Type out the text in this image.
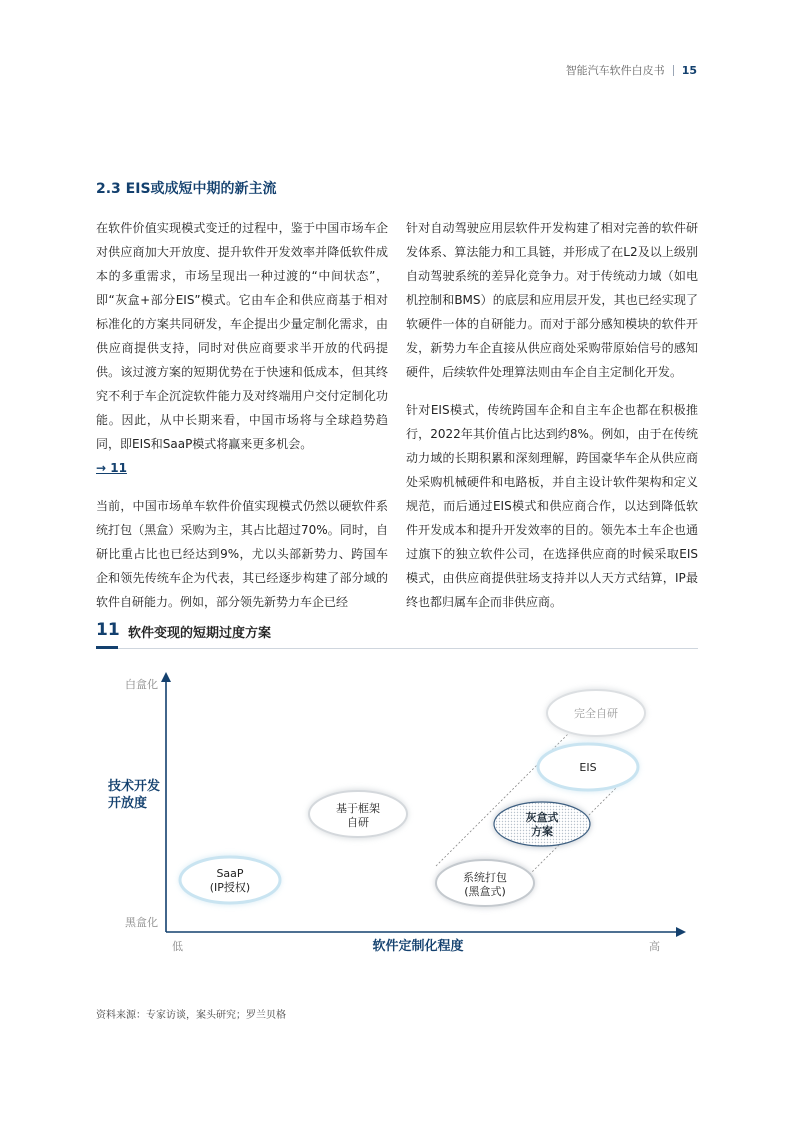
智能汽车软件白皮书 15
2.3 EIS或成短中期的新主流

在软件价值实现模式变迁的过程中，鉴于中国市场车企对供应商加大开放度、提升软件开发效率并降低软件成本的多重需求，市场呈现出一种过渡的“中间状态”，即“灰盒+部分EIS”模式。它由车企和供应商基于相对标准化的方案共同研发，车企提出少量定制化需求，由供应商提供支持，同时对供应商要求半开放的代码提供。该过渡方案的短期优势在于快速和低成本，但其终究不利于车企沉淀软件能力及对终端用户交付定制化功能。因此，从中长期来看，中国市场将与全球趋势趋同，即EIS和SaaP模式将赢来更多机会。

→ 11

当前，中国市场单车软件价值实现模式仍然以硬软件系统打包（黑盒）采购为主，其占比超过70%。同时，自研比重占比也已经达到9%，尤以头部新势力、跨国车企和领先传统车企为代表，其已经逐步构建了部分域的软件自研能力。例如，部分领先新势力车企已经

针对自动驾驶应用层软件开发构建了相对完善的软件研发体系、算法能力和工具链，并形成了在L2及以上级别自动驾驶系统的差异化竞争力。对于传统动力域（如电机控制和BMS）的底层和应用层开发，其也已经实现了软硬件一体的自研能力。而对于部分感知模块的软件开发，新势力车企直接从供应商处采购带原始信号的感知硬件，后续软件处理算法则由车企自主定制化开发。

针对EIS模式，传统跨国车企和自主车企也都在积极推行，2022年其价值占比达到约8%。例如，由于在传统动力域的长期积累和深刻理解，跨国豪华车企从供应商处采购机械硬件和电路板，并自主设计软件架构和定义规范，而后通过EIS模式和供应商合作，以达到降低软件开发成本和提升开发效率的目的。领先本土车企也通过旗下的独立软件公司，在选择供应商的时候采取EIS模式，由供应商提供驻场支持并以人天方式结算，IP最终也都归属车企而非供应商。

11 软件变现的短期过度方案
白盒化
黑盒化
技术开发
开放度
低	高
软件定制化程度
SaaP
(IP授权)
基于框架
自研
系统打包
(黑盒式)
灰盒式
方案
EIS
完全自研
资料来源：专家访谈，案头研究；罗兰贝格
